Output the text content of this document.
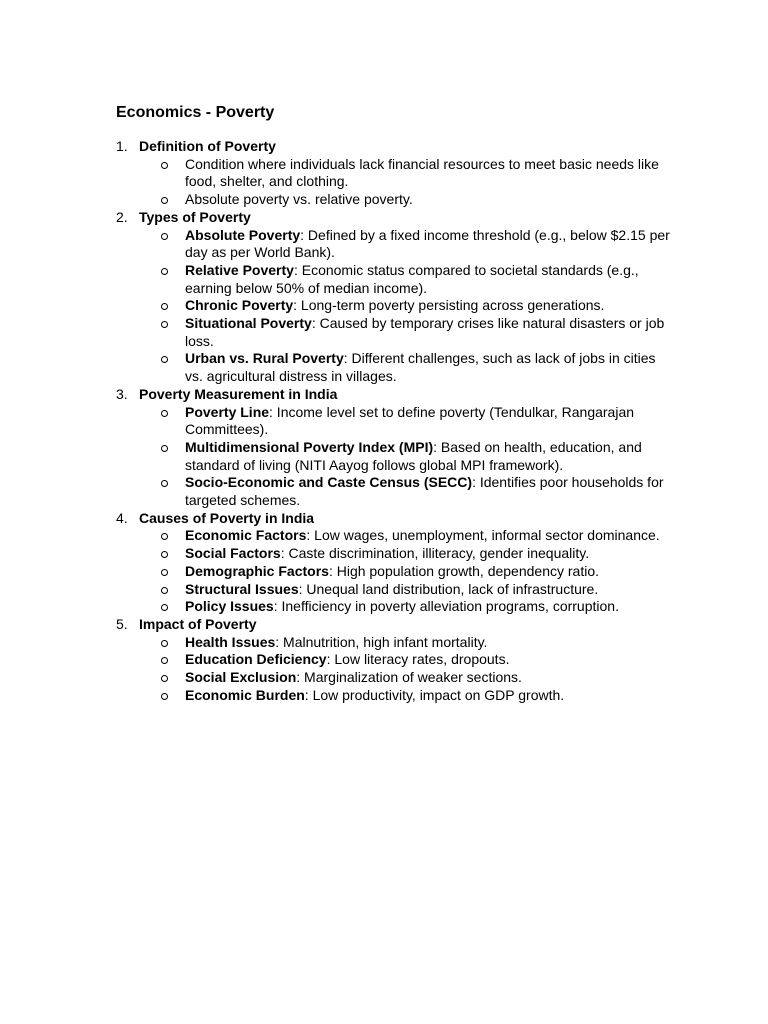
Economics - Poverty
1. Definition of Poverty
Condition where individuals lack financial resources to meet basic needs like food, shelter, and clothing.
Absolute poverty vs. relative poverty.
2. Types of Poverty
Absolute Poverty: Defined by a fixed income threshold (e.g., below $2.15 per day as per World Bank).
Relative Poverty: Economic status compared to societal standards (e.g., earning below 50% of median income).
Chronic Poverty: Long-term poverty persisting across generations.
Situational Poverty: Caused by temporary crises like natural disasters or job loss.
Urban vs. Rural Poverty: Different challenges, such as lack of jobs in cities vs. agricultural distress in villages.
3. Poverty Measurement in India
Poverty Line: Income level set to define poverty (Tendulkar, Rangarajan Committees).
Multidimensional Poverty Index (MPI): Based on health, education, and standard of living (NITI Aayog follows global MPI framework).
Socio-Economic and Caste Census (SECC): Identifies poor households for targeted schemes.
4. Causes of Poverty in India
Economic Factors: Low wages, unemployment, informal sector dominance.
Social Factors: Caste discrimination, illiteracy, gender inequality.
Demographic Factors: High population growth, dependency ratio.
Structural Issues: Unequal land distribution, lack of infrastructure.
Policy Issues: Inefficiency in poverty alleviation programs, corruption.
5. Impact of Poverty
Health Issues: Malnutrition, high infant mortality.
Education Deficiency: Low literacy rates, dropouts.
Social Exclusion: Marginalization of weaker sections.
Economic Burden: Low productivity, impact on GDP growth.
